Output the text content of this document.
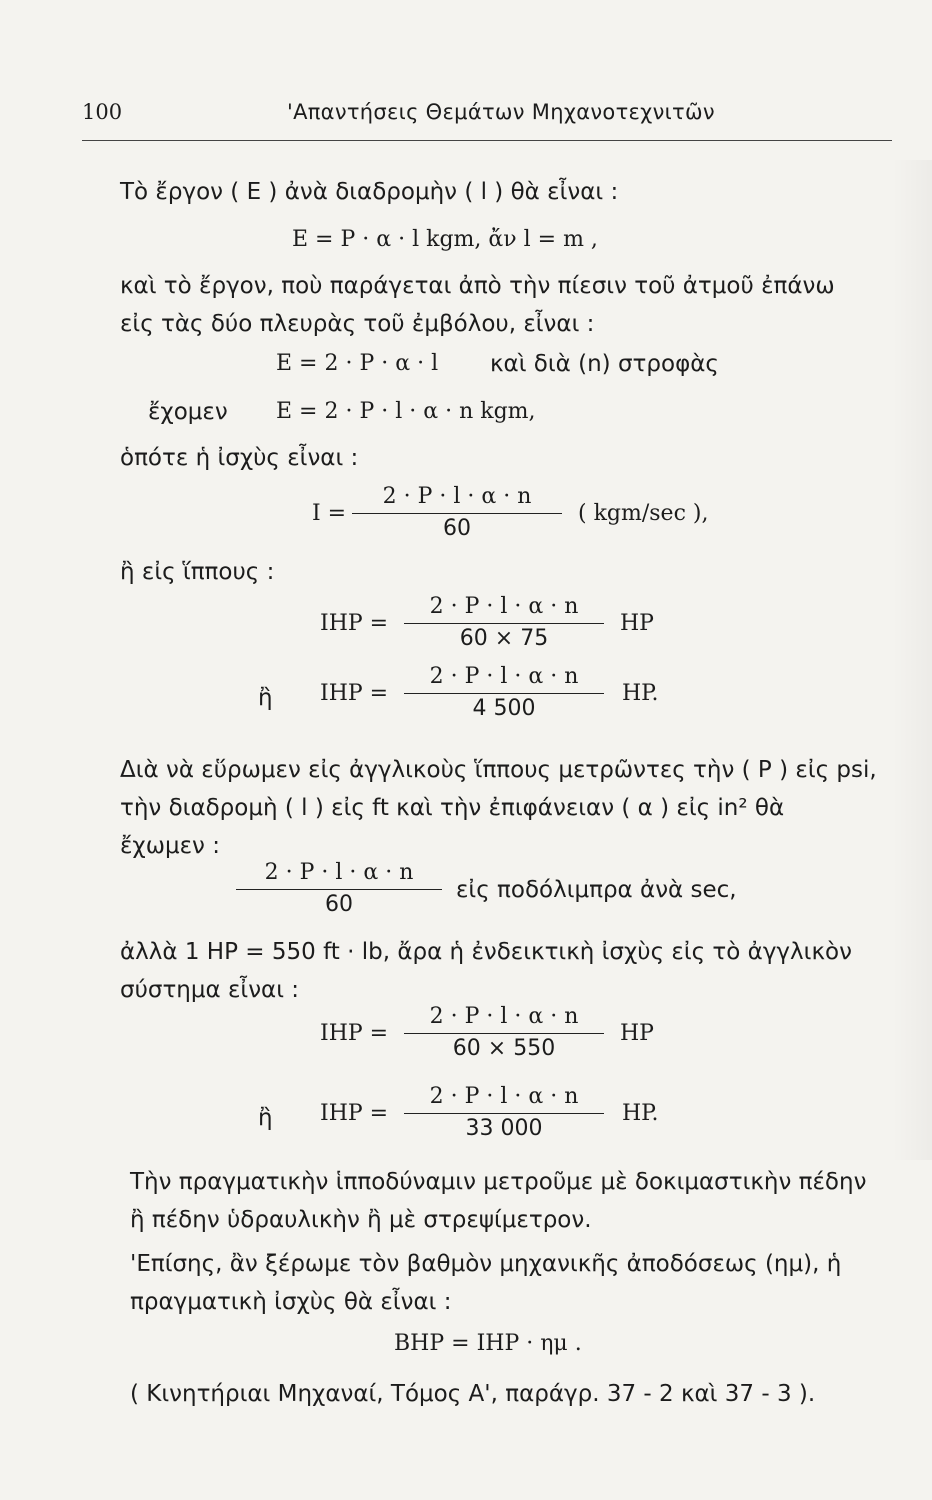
100	'Απαντήσεις Θεμάτων Μηχανοτεχνιτῶν
Τὸ ἔργον ( E ) ἀνὰ διαδρομὴν ( l ) θὰ εἶναι :
E = P · α · l kgm, ἄν l = m ,
καὶ τὸ ἔργον, ποὺ παράγεται ἀπὸ τὴν πίεσιν τοῦ ἀτμοῦ ἐπάνω
εἰς τὰς δύο πλευρὰς τοῦ ἐμβόλου, εἶναι :
E = 2 · P · α · l καὶ διὰ (n) στροφὰς
ἔχομεν E = 2 · P · l · α · n kgm,
ὁπότε ἡ ἰσχὺς εἶναι :
I =
2 · P · l · α · n
60
( kgm/sec ),
ἢ εἰς ἵππους :
IHP =
2 · P · l · α · n
60 × 75
HP
ἢ IHP =
2 · P · l · α · n
4 500
HP.
Διὰ νὰ εὕρωμεν εἰς ἀγγλικοὺς ἵππους μετρῶντες τὴν ( P ) εἰς psi,
τὴν διαδρομὴ ( l ) εἰς ft καὶ τὴν ἐπιφάνειαν ( α ) εἰς in² θὰ
ἔχωμεν :
2 · P · l · α · n
60
εἰς ποδόλιμπρα ἀνὰ sec,
ἀλλὰ 1 HP = 550 ft · lb, ἄρα ἡ ἐνδεικτικὴ ἰσχὺς εἰς τὸ ἀγγλικὸν
σύστημα εἶναι :
IHP =
2 · P · l · α · n
60 × 550
HP
ἢ IHP =
2 · P · l · α · n
33 000
HP.
Τὴν πραγματικὴν ἱπποδύναμιν μετροῦμε μὲ δοκιμαστικὴν πέδην
ἢ πέδην ὑδραυλικὴν ἢ μὲ στρεψίμετρον.
'Επίσης, ἂν ξέρωμε τὸν βαθμὸν μηχανικῆς ἀποδόσεως (ημ), ἡ
πραγματικὴ ἰσχὺς θὰ εἶναι :
BHP = IHP · ημ .
( Κινητήριαι Μηχαναί, Τόμος Α', παράγρ. 37 - 2 καὶ 37 - 3 ).
